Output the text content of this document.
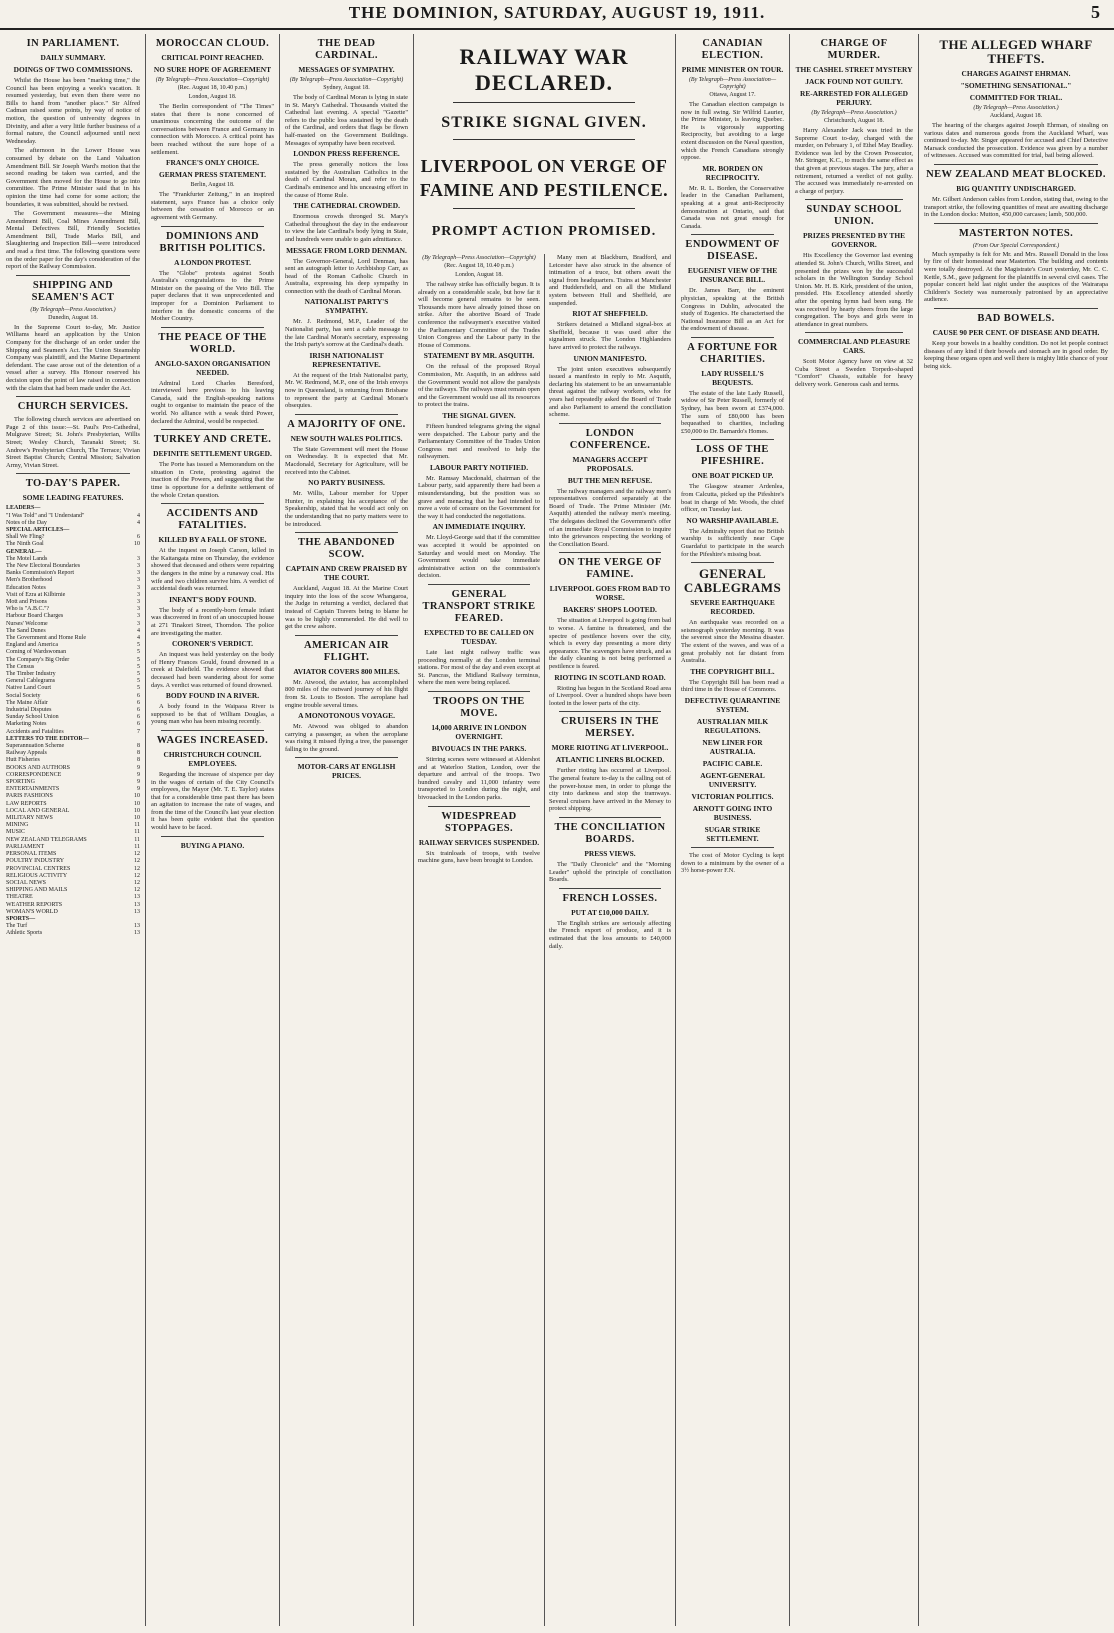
THE DOMINION, SATURDAY, AUGUST 19, 1911.	5
IN PARLIAMENT.
DAILY SUMMARY.
DOINGS OF TWO COMMISSIONS.

Whilst the House has been "marking time," the Council has been enjoying a week's vacation. It resumed yesterday, but even then there were no Bills to hand from "another place." Sir Alfred Cadman raised some points, by way of notice of motion, the question of university degrees in Divinity, and after a very little further business of a formal nature, the Council adjourned until next Wednesday.

The afternoon in the Lower House was consumed by debate on the Land Valuation Amendment Bill. Sir Joseph Ward's motion that the second reading be taken was carried, and the Government then moved for the House to go into committee. The Prime Minister said that in his opinion the time had come for some action; the boundaries, it was submitted, should be revised.

The Government measures—the Mining Amendment Bill, Coal Mines Amendment Bill, Mental Defectives Bill, Friendly Societies Amendment Bill, Trade Marks Bill, and Slaughtering and Inspection Bill—were introduced and read a first time. The following questions were on the order paper for the day's consideration of the report of the Railway Commission.

SHIPPING AND SEAMEN'S ACT
(By Telegraph—Press Association.)
Dunedin, August 18.

In the Supreme Court to-day, Mr. Justice Williams heard an application by the Union Company for the discharge of an order under the Shipping and Seamen's Act. The Union Steamship Company was plaintiff, and the Marine Department defendant. The case arose out of the detention of a vessel after a survey. His Honour reserved his decision upon the point of law raised in connection with the claim that had been made under the Act.

CHURCH SERVICES.

The following church services are advertised on Page 2 of this issue:—St. Paul's Pro-Cathedral, Mulgrave Street; St. John's Presbyterian, Willis Street; Wesley Church, Taranaki Street; St. Andrew's Presbyterian Church, The Terrace; Vivian Street Baptist Church; Central Mission; Salvation Army, Vivian Street.

TO-DAY'S PAPER.
SOME LEADING FEATURES.
LEADERS—
"I Was Told" and "I Understand"	4
Notes of the Day	4
SPECIAL ARTICLES—
Shall We Fling?	6
The Ninth Goal	10
GENERAL—
The Motel Lands	3
The New Electoral Boundaries	3
Banks Commission's Report	3
Men's Brotherhood	3
Education Notes	3
Visit of Ezra at Kilbirnie	3
Mott and Prisons	3
Who is "A.B.C."?	3
Harbour Board Charges	3
Nurses' Welcome	3
The Sand Dunes	4
The Government and Home Rule	4
England and America	5
Coming of Wardswoman	5
The Company's Big Order	5
The Census	5
The Timber Industry	5
General Cablegrams	5
Native Land Court	5
Social Society	6
The Maine Affair	6
Industrial Disputes	6
Sunday School Union	6
Marketing Notes	6
Accidents and Fatalities	7
LETTERS TO THE EDITOR—
Superannuation Scheme	8
Railway Appeals	8
Hutt Fisheries	8
BOOKS AND AUTHORS	9
CORRESPONDENCE	9
SPORTING	9
ENTERTAINMENTS	9
PARIS FASHIONS	10
LAW REPORTS	10
LOCAL AND GENERAL	10
MILITARY NEWS	10
MINING	11
MUSIC	11
NEW ZEALAND TELEGRAMS	11
PARLIAMENT	11
PERSONAL ITEMS	12
POULTRY INDUSTRY	12
PROVINCIAL CENTRES	12
RELIGIOUS ACTIVITY	12
SOCIAL NEWS	12
SHIPPING AND MAILS	12
THEATRE	13
WEATHER REPORTS	13
WOMAN'S WORLD	13
SPORTS—
The Turf	13
Athletic Sports	13
MOROCCAN CLOUD.
CRITICAL POINT REACHED.
NO SURE HOPE OF AGREEMENT
(By Telegraph—Press Association—Copyright)
(Rec. August 18, 10.40 p.m.)
London, August 18.

The Berlin correspondent of "The Times" states that there is none concerned of unanimous concerning the outcome of the conversations between France and Germany in connection with Morocco. A critical point has been reached without the sure hope of a settlement.

FRANCE'S ONLY CHOICE.
GERMAN PRESS STATEMENT.
Berlin, August 18.

The "Frankfurter Zeitung," in an inspired statement, says France has a choice only between the cessation of Morocco or an agreement with Germany.

DOMINIONS AND BRITISH POLITICS.
A LONDON PROTEST.

The "Globe" protests against South Australia's congratulations to the Prime Minister on the passing of the Veto Bill. The paper declares that it was unprecedented and improper for a Dominion Parliament to interfere in the domestic concerns of the Mother Country.

THE PEACE OF THE WORLD.
ANGLO-SAXON ORGANISATION NEEDED.

Admiral Lord Charles Beresford, interviewed here previous to his leaving Canada, said the English-speaking nations ought to organise to maintain the peace of the world. No alliance with a weak third Power, declared the Admiral, would be respected.

TURKEY AND CRETE.
DEFINITE SETTLEMENT URGED.

The Porte has issued a Memorandum on the situation in Crete, protesting against the inaction of the Powers, and suggesting that the time is opportune for a definite settlement of the whole Cretan question.

ACCIDENTS AND FATALITIES.
KILLED BY A FALL OF STONE.

At the inquest on Joseph Carson, killed in the Kaitangata mine on Thursday, the evidence showed that deceased and others were repairing the dangers in the mine by a runaway coal. His wife and two children survive him. A verdict of accidental death was returned.

INFANT'S BODY FOUND.

The body of a recently-born female infant was discovered in front of an unoccupied house at 271 Tinakori Street, Thorndon. The police are investigating the matter.

CORONER'S VERDICT.

An inquest was held yesterday on the body of Henry Frances Gould, found drowned in a creek at Dalefield. The evidence showed that deceased had been wandering about for some days. A verdict was returned of found drowned.

BODY FOUND IN A RIVER.

A body found in the Waipaoa River is supposed to be that of William Douglas, a young man who has been missing recently.

WAGES INCREASED.
CHRISTCHURCH COUNCIL EMPLOYEES.

Regarding the increase of sixpence per day in the wages of certain of the City Council's employees, the Mayor (Mr. T. E. Taylor) states that for a considerable time past there has been an agitation to increase the rate of wages, and from the time of the Council's last year election it has been quite evident that the question would have to be faced.

BUYING A PIANO.
THE DEAD CARDINAL.
MESSAGES OF SYMPATHY.
(By Telegraph—Press Association—Copyright)
Sydney, August 18.

The body of Cardinal Moran is lying in state in St. Mary's Cathedral. Thousands visited the Cathedral last evening. A special "Gazette" refers to the public loss sustained by the death of the Cardinal, and orders that flags be flown half-masted on the Government Buildings. Messages of sympathy have been received.

LONDON PRESS REFERENCE.

The press generally notices the loss sustained by the Australian Catholics in the death of Cardinal Moran, and refer to the Cardinal's eminence and his unceasing effort in the cause of Home Rule.

THE CATHEDRAL CROWDED.

Enormous crowds thronged St. Mary's Cathedral throughout the day in the endeavour to view the late Cardinal's body lying in State, and hundreds were unable to gain admittance.

MESSAGE FROM LORD DENMAN.

The Governor-General, Lord Denman, has sent an autograph letter to Archbishop Carr, as head of the Roman Catholic Church in Australia, expressing his deep sympathy in connection with the death of Cardinal Moran.

NATIONALIST PARTY'S SYMPATHY.

Mr. J. Redmond, M.P., Leader of the Nationalist party, has sent a cable message to the late Cardinal Moran's secretary, expressing the Irish party's sorrow at the Cardinal's death.

IRISH NATIONALIST REPRESENTATIVE.

At the request of the Irish Nationalist party, Mr. W. Redmond, M.P., one of the Irish envoys now in Queensland, is returning from Brisbane to represent the party at Cardinal Moran's obsequies.

A MAJORITY OF ONE.
NEW SOUTH WALES POLITICS.

The State Government will meet the House on Wednesday. It is expected that Mr. Macdonald, Secretary for Agriculture, will be received into the Cabinet.

NO PARTY BUSINESS.

Mr. Willis, Labour member for Upper Hunter, in explaining his acceptance of the Speakership, stated that he would act only on the understanding that no party matters were to be introduced.

THE ABANDONED SCOW.
CAPTAIN AND CREW PRAISED BY THE COURT.

Auckland, August 18. At the Marine Court inquiry into the loss of the scow Whangaroa, the Judge in returning a verdict, declared that instead of Captain Travers being to blame he was to be highly commended. He did well to get the crew ashore.

AMERICAN AIR FLIGHT.
AVIATOR COVERS 800 MILES.

Mr. Atwood, the aviator, has accomplished 800 miles of the outward journey of his flight from St. Louis to Boston. The aeroplane had engine trouble several times.

A MONOTONOUS VOYAGE.

Mr. Atwood was obliged to abandon carrying a passenger, as when the aeroplane was rising it missed flying a tree, the passenger falling to the ground.

MOTOR-CARS AT ENGLISH PRICES.
RAILWAY WAR DECLARED.
STRIKE SIGNAL GIVEN.
LIVERPOOL ON VERGE OF FAMINE AND PESTILENCE.
PROMPT ACTION PROMISED.
(By Telegraph—Press Association—Copyright)
(Rec. August 18, 10.40 p.m.)
London, August 18.

The railway strike has officially begun. It is already on a considerable scale, but how far it will become general remains to be seen. Thousands more have already joined those on strike. After the abortive Board of Trade conference the railwaymen's executive visited the Parliamentary Committee of the Trades Union Congress and the Labour party in the House of Commons.

STATEMENT BY MR. ASQUITH.

On the refusal of the proposed Royal Commission, Mr. Asquith, in an address said the Government would not allow the paralysis of the railways. The railways must remain open and the Government would use all its resources to protect the trains.

THE SIGNAL GIVEN.

Fifteen hundred telegrams giving the signal were despatched. The Labour party and the Parliamentary Committee of the Trades Union Congress met and resolved to help the railwaymen.

LABOUR PARTY NOTIFIED.

Mr. Ramsay Macdonald, chairman of the Labour party, said apparently there had been a misunderstanding, but the position was so grave and menacing that he had intended to move a vote of censure on the Government for the way it had conducted the negotiations.

AN IMMEDIATE INQUIRY.

Mr. Lloyd-George said that if the committee was accepted it would be appointed on Saturday and would meet on Monday. The Government would take immediate administrative action on the commission's decision.

GENERAL TRANSPORT STRIKE FEARED.
EXPECTED TO BE CALLED ON TUESDAY.

Late last night railway traffic was proceeding normally at the London terminal stations. For most of the day and even except at St. Pancras, the Midland Railway terminus, where the men were being replaced.

TROOPS ON THE MOVE.
14,000 ARRIVE IN LONDON OVERNIGHT.
BIVOUACS IN THE PARKS.

Stirring scenes were witnessed at Aldershot and at Waterloo Station, London, over the departure and arrival of the troops. Two hundred cavalry and 11,000 infantry were transported to London during the night, and bivouacked in the London parks.

WIDESPREAD STOPPAGES.
RAILWAY SERVICES SUSPENDED.

Six trainloads of troops, with twelve machine guns, have been brought to London.

Many men at Blackburn, Bradford, and Leicester have also struck in the absence of intimation of a truce, but others await the signal from headquarters. Trains at Manchester and Huddersfield, and on all the Midland system between Hull and Sheffield, are suspended.

RIOT AT SHEFFIELD.

Strikers detained a Midland signal-box at Sheffield, because it was used after the signalmen struck. The London Highlanders have arrived to protect the railways.

UNION MANIFESTO.

The joint union executives subsequently issued a manifesto in reply to Mr. Asquith, declaring his statement to be an unwarrantable threat against the railway workers, who for years had repeatedly asked the Board of Trade and also Parliament to amend the conciliation scheme.

LONDON CONFERENCE.
MANAGERS ACCEPT PROPOSALS.
BUT THE MEN REFUSE.

The railway managers and the railway men's representatives conferred separately at the Board of Trade. The Prime Minister (Mr. Asquith) attended the railway men's meeting. The delegates declined the Government's offer of an immediate Royal Commission to inquire into the grievances respecting the working of the Conciliation Board.

ON THE VERGE OF FAMINE.
LIVERPOOL GOES FROM BAD TO WORSE.
BAKERS' SHOPS LOOTED.

The situation at Liverpool is going from bad to worse. A famine is threatened, and the spectre of pestilence hovers over the city, which is every day presenting a more dirty appearance. The scavengers have struck, and as the daily cleaning is not being performed a pestilence is feared.

RIOTING IN SCOTLAND ROAD.

Rioting has begun in the Scotland Road area of Liverpool. Over a hundred shops have been looted in the lower parts of the city.

CRUISERS IN THE MERSEY.
MORE RIOTING AT LIVERPOOL.
ATLANTIC LINERS BLOCKED.

Further rioting has occurred at Liverpool. The general feature to-day is the calling out of the power-house men, in order to plunge the city into darkness and stop the tramways. Several cruisers have arrived in the Mersey to protect shipping.

THE CONCILIATION BOARDS.
PRESS VIEWS.

The "Daily Chronicle" and the "Morning Leader" uphold the principle of conciliation Boards.

FRENCH LOSSES.
PUT AT £10,000 DAILY.

The English strikes are seriously affecting the French export of produce, and it is estimated that the loss amounts to £40,000 daily.

CANADIAN ELECTION.
PRIME MINISTER ON TOUR.
(By Telegraph—Press Association—Copyright)
Ottawa, August 17.

The Canadian election campaign is now in full swing. Sir Wilfrid Laurier, the Prime Minister, is leaving Quebec. He is vigorously supporting Reciprocity, but avoiding to a large extent discussion on the Naval question, which the French Canadians strongly oppose.

MR. BORDEN ON RECIPROCITY.

Mr. R. L. Borden, the Conservative leader in the Canadian Parliament, speaking at a great anti-Reciprocity demonstration at Ontario, said that Canada was not great enough for Canada.

ENDOWMENT OF DISEASE.
EUGENIST VIEW OF THE INSURANCE BILL.

Dr. James Barr, the eminent physician, speaking at the British Congress in Dublin, advocated the study of Eugenics. He characterised the National Insurance Bill as an Act for the endowment of disease.

A FORTUNE FOR CHARITIES.
LADY RUSSELL'S BEQUESTS.

The estate of the late Lady Russell, widow of Sir Peter Russell, formerly of Sydney, has been sworn at £374,000. The sum of £80,000 has been bequeathed to charities, including £50,000 to Dr. Barnardo's Homes.

LOSS OF THE PIFESHIRE.
ONE BOAT PICKED UP.

The Glasgow steamer Ardenlea, from Calcutta, picked up the Pifeshire's boat in charge of Mr. Woods, the chief officer, on Tuesday last.

NO WARSHIP AVAILABLE.

The Admiralty report that no British warship is sufficiently near Cape Guardafui to participate in the search for the Pifeshire's missing boat.

GENERAL CABLEGRAMS
SEVERE EARTHQUAKE RECORDED.

An earthquake was recorded on a seismograph yesterday morning. It was the severest since the Messina disaster. The extent of the waves, and was of a great probably not far distant from Australia.

THE COPYRIGHT BILL.

The Copyright Bill has been read a third time in the House of Commons.

DEFECTIVE QUARANTINE SYSTEM.
AUSTRALIAN MILK REGULATIONS.
NEW LINER FOR AUSTRALIA.
PACIFIC CABLE.
AGENT-GENERAL UNIVERSITY.
VICTORIAN POLITICS.
ARNOTT GOING INTO BUSINESS.
SUGAR STRIKE SETTLEMENT.

The cost of Motor Cycling is kept down to a minimum by the owner of a 3½ horse-power F.N.

CHARGE OF MURDER.
THE CASHEL STREET MYSTERY
JACK FOUND NOT GUILTY.
RE-ARRESTED FOR ALLEGED PERJURY.
(By Telegraph—Press Association.)
Christchurch, August 18.

Harry Alexander Jack was tried in the Supreme Court to-day, charged with the murder, on February 1, of Ethel May Bradley. Evidence was led by the Crown Prosecutor, Mr. Stringer, K.C., to much the same effect as that given at previous stages. The jury, after a retirement, returned a verdict of not guilty. The accused was immediately re-arrested on a charge of perjury.

SUNDAY SCHOOL UNION.
PRIZES PRESENTED BY THE GOVERNOR.

His Excellency the Governor last evening attended St. John's Church, Willis Street, and presented the prizes won by the successful scholars in the Wellington Sunday School Union. Mr. H. B. Kirk, president of the union, presided. His Excellency attended shortly after the opening hymn had been sung. He was received by hearty cheers from the large congregation. The boys and girls were in attendance in great numbers.

COMMERCIAL AND PLEASURE CARS.

Scott Motor Agency have on view at 32 Cuba Street a Sweden Torpedo-shaped "Comfort" Chassis, suitable for heavy delivery work. Generous cash and terms.

THE ALLEGED WHARF THEFTS.
CHARGES AGAINST EHRMAN.
"SOMETHING SENSATIONAL."
COMMITTED FOR TRIAL.
(By Telegraph—Press Association.)
Auckland, August 18.

The hearing of the charges against Joseph Ehrman, of stealing on various dates and numerous goods from the Auckland Wharf, was continued to-day. Mr. Singer appeared for accused and Chief Detective Marsack conducted the prosecution. Evidence was given by a number of witnesses. Accused was committed for trial, bail being allowed.

NEW ZEALAND MEAT BLOCKED.
BIG QUANTITY UNDISCHARGED.

Mr. Gilbert Anderson cables from London, stating that, owing to the transport strike, the following quantities of meat are awaiting discharge in the London docks: Mutton, 450,000 carcases; lamb, 500,000.

MASTERTON NOTES.
(From Our Special Correspondent.)

Much sympathy is felt for Mr. and Mrs. Russell Donald in the loss by fire of their homestead near Masterton. The building and contents were totally destroyed. At the Magistrate's Court yesterday, Mr. C. C. Kettle, S.M., gave judgment for the plaintiffs in several civil cases. The popular concert held last night under the auspices of the Wairarapa Children's Society was numerously patronised by an appreciative audience.

BAD BOWELS.
CAUSE 90 PER CENT. OF DISEASE AND DEATH.

Keep your bowels in a healthy condition. Do not let people contract diseases of any kind if their bowels and stomach are in good order. By keeping these organs open and well there is mighty little chance of your being sick.
